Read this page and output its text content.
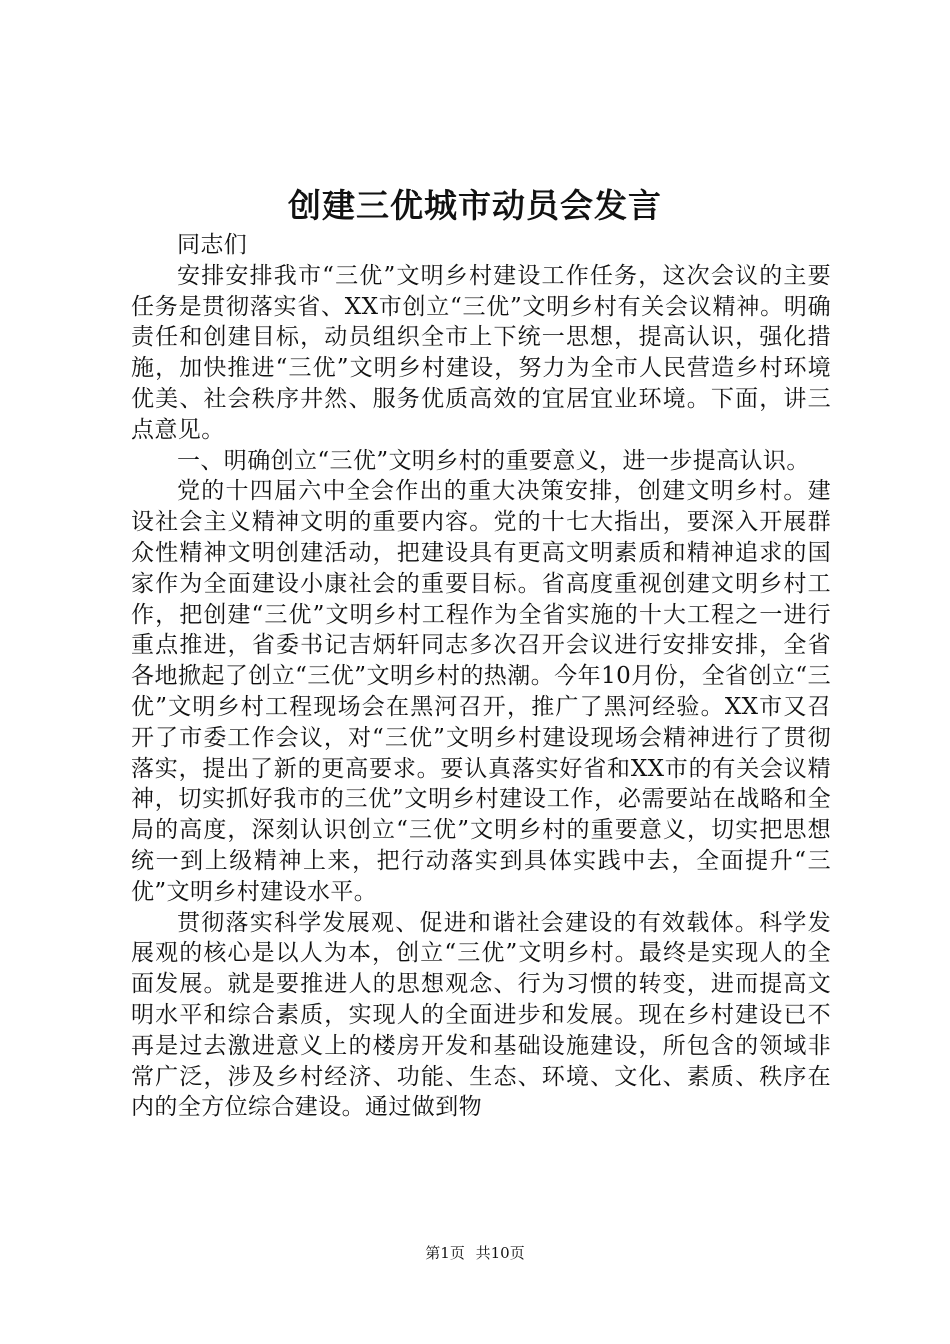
创建三优城市动员会发言

同志们

安排安排我市“三优”文明乡村建设工作任务，这次会议的主要任务是贯彻落实省、XX市创立“三优”文明乡村有关会议精神。明确责任和创建目标，动员组织全市上下统一思想，提高认识，强化措施，加快推进“三优”文明乡村建设，努力为全市人民营造乡村环境优美、社会秩序井然、服务优质高效的宜居宜业环境。下面，讲三点意见。

一、明确创立“三优”文明乡村的重要意义，进一步提高认识。

党的十四届六中全会作出的重大决策安排，创建文明乡村。建设社会主义精神文明的重要内容。党的十七大指出，要深入开展群众性精神文明创建活动，把建设具有更高文明素质和精神追求的国家作为全面建设小康社会的重要目标。省高度重视创建文明乡村工作，把创建“三优”文明乡村工程作为全省实施的十大工程之一进行重点推进，省委书记吉炳轩同志多次召开会议进行安排安排，全省各地掀起了创立“三优”文明乡村的热潮。今年10月份，全省创立“三优”文明乡村工程现场会在黑河召开，推广了黑河经验。XX市又召开了市委工作会议，对“三优”文明乡村建设现场会精神进行了贯彻落实，提出了新的更高要求。要认真落实好省和XX市的有关会议精神，切实抓好我市的三优”文明乡村建设工作，必需要站在战略和全局的高度，深刻认识创立“三优”文明乡村的重要意义，切实把思想统一到上级精神上来，把行动落实到具体实践中去，全面提升“三优”文明乡村建设水平。

贯彻落实科学发展观、促进和谐社会建设的有效载体。科学发展观的核心是以人为本，创立“三优”文明乡村。最终是实现人的全面发展。就是要推进人的思想观念、行为习惯的转变，进而提高文明水平和综合素质，实现人的全面进步和发展。现在乡村建设已不再是过去激进意义上的楼房开发和基础设施建设，所包含的领域非常广泛，涉及乡村经济、功能、生态、环境、文化、素质、秩序在内的全方位综合建设。通过做到物

第1页 共10页
